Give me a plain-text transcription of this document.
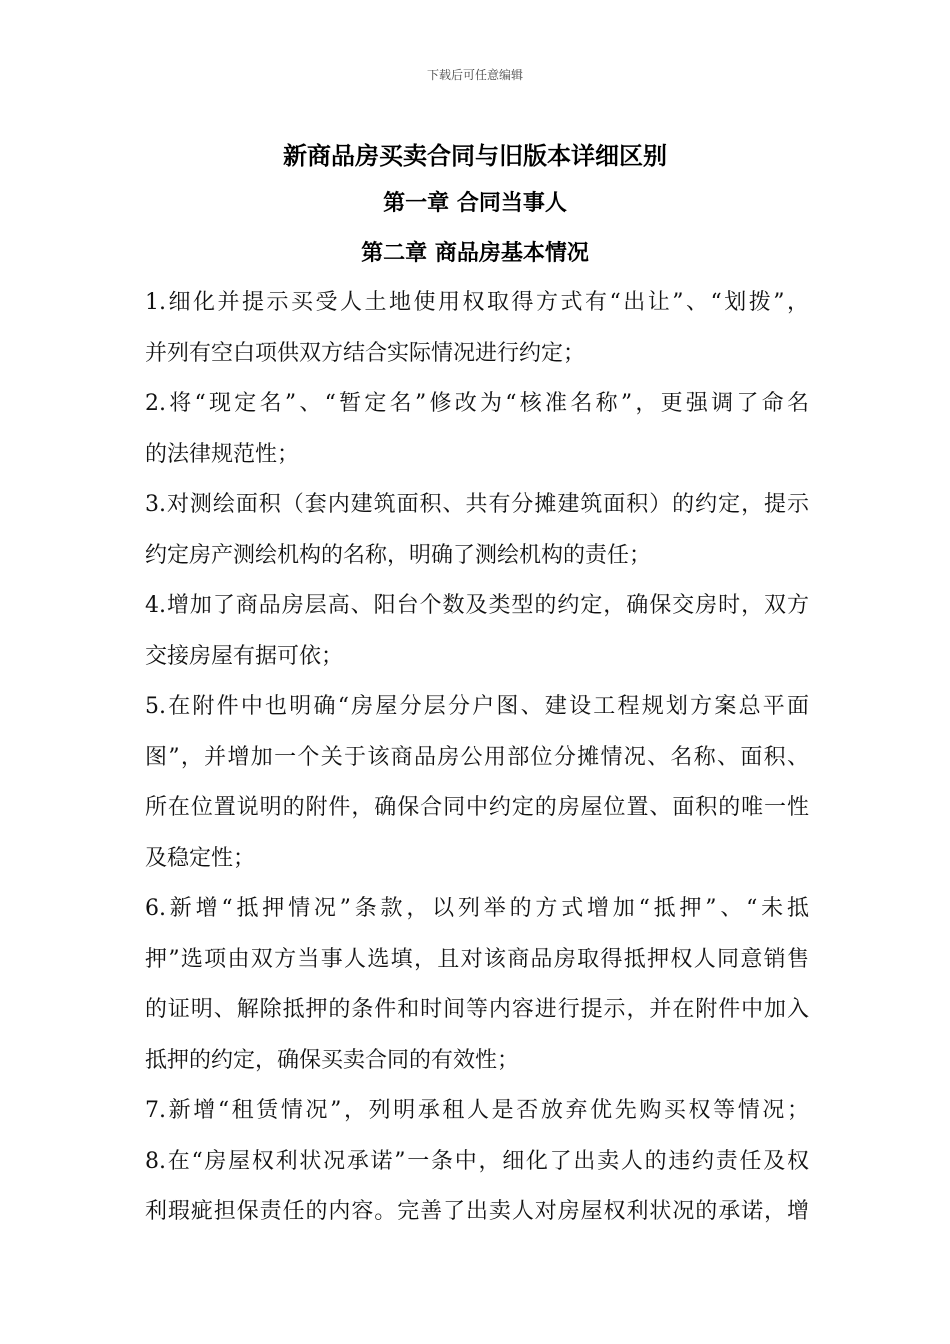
下载后可任意编辑
新商品房买卖合同与旧版本详细区别
第一章 合同当事人
第二章 商品房基本情况
1.细化并提示买受人土地使用权取得方式有“出让”、“划拨”，
并列有空白项供双方结合实际情况进行约定；
2.将“现定名”、“暂定名”修改为“核准名称”，更强调了命名
的法律规范性；
3.对测绘面积（套内建筑面积、共有分摊建筑面积）的约定，提示
约定房产测绘机构的名称，明确了测绘机构的责任；
4.增加了商品房层高、阳台个数及类型的约定，确保交房时，双方
交接房屋有据可依；
5.在附件中也明确“房屋分层分户图、建设工程规划方案总平面
图”，并增加一个关于该商品房公用部位分摊情况、名称、面积、
所在位置说明的附件，确保合同中约定的房屋位置、面积的唯一性
及稳定性；
6.新增“抵押情况”条款，以列举的方式增加“抵押”、“未抵
押”选项由双方当事人选填，且对该商品房取得抵押权人同意销售
的证明、解除抵押的条件和时间等内容进行提示，并在附件中加入
抵押的约定，确保买卖合同的有效性；
7.新增“租赁情况”，列明承租人是否放弃优先购买权等情况；
8.在“房屋权利状况承诺”一条中，细化了出卖人的违约责任及权
利瑕疵担保责任的内容。完善了出卖人对房屋权利状况的承诺，增
